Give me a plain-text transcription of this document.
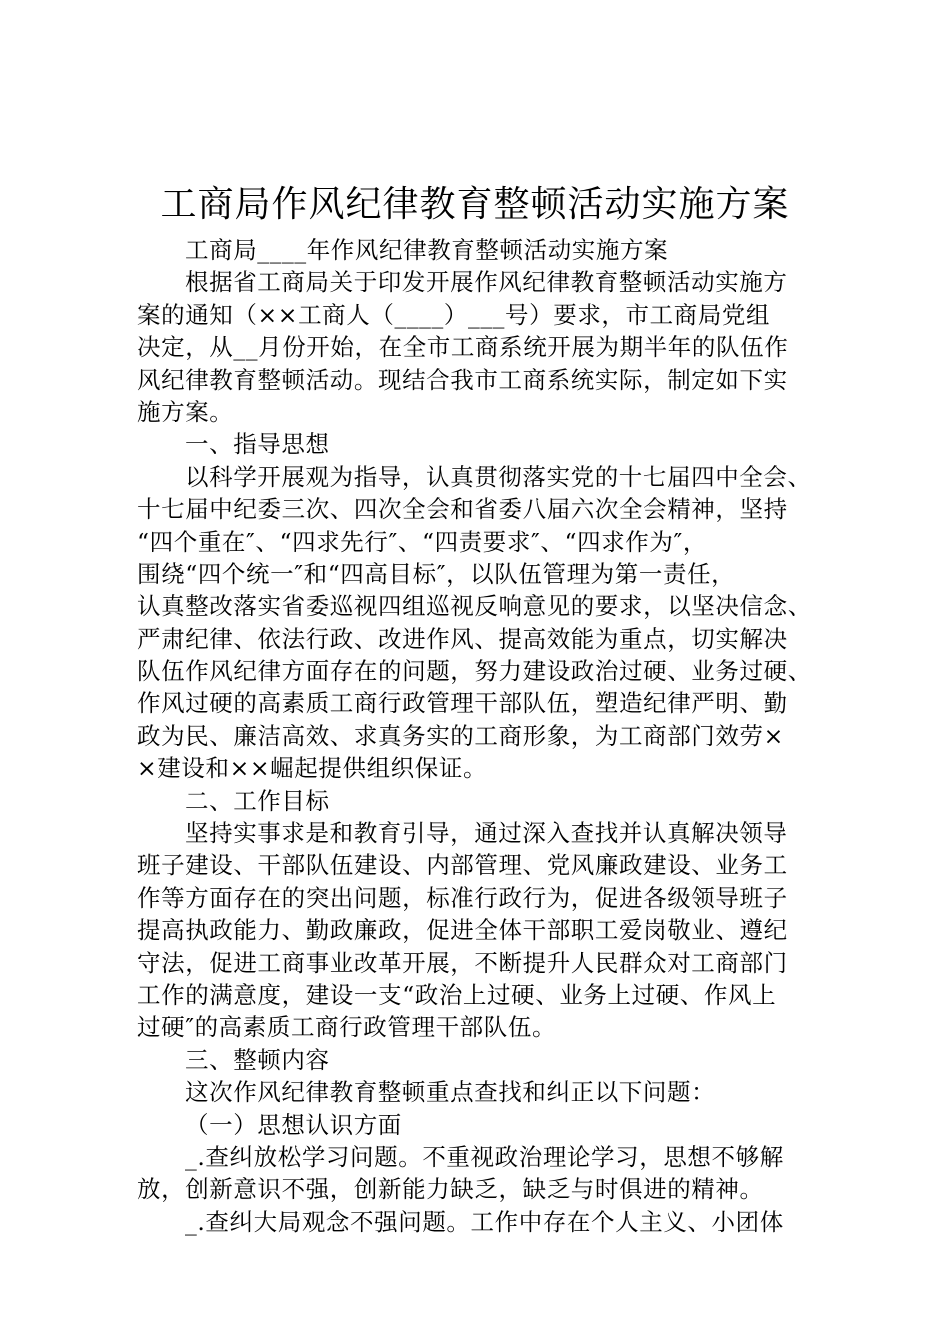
工商局作风纪律教育整顿活动实施方案
工商局____年作风纪律教育整顿活动实施方案
根据省工商局关于印发开展作风纪律教育整顿活动实施方
案的通知（××工商人（____）___号）要求，市工商局党组
决定，从__月份开始，在全市工商系统开展为期半年的队伍作
风纪律教育整顿活动。现结合我市工商系统实际，制定如下实
施方案。
一、指导思想
以科学开展观为指导，认真贯彻落实党的十七届四中全会、
十七届中纪委三次、四次全会和省委八届六次全会精神，坚持
“四个重在″、“四求先行″、“四责要求″、“四求作为″，
围绕“四个统一″和“四高目标″，以队伍管理为第一责任，
认真整改落实省委巡视四组巡视反响意见的要求，以坚决信念、
严肃纪律、依法行政、改进作风、提高效能为重点，切实解决
队伍作风纪律方面存在的问题，努力建设政治过硬、业务过硬、
作风过硬的高素质工商行政管理干部队伍，塑造纪律严明、勤
政为民、廉洁高效、求真务实的工商形象，为工商部门效劳×
×建设和××崛起提供组织保证。
二、工作目标
坚持实事求是和教育引导，通过深入查找并认真解决领导
班子建设、干部队伍建设、内部管理、党风廉政建设、业务工
作等方面存在的突出问题，标准行政行为，促进各级领导班子
提高执政能力、勤政廉政，促进全体干部职工爱岗敬业、遵纪
守法，促进工商事业改革开展，不断提升人民群众对工商部门
工作的满意度，建设一支“政治上过硬、业务上过硬、作风上
过硬″的高素质工商行政管理干部队伍。
三、整顿内容
这次作风纪律教育整顿重点查找和纠正以下问题：
（一）思想认识方面
_.查纠放松学习问题。不重视政治理论学习，思想不够解
放，创新意识不强，创新能力缺乏，缺乏与时俱进的精神。
_.查纠大局观念不强问题。工作中存在个人主义、小团体
